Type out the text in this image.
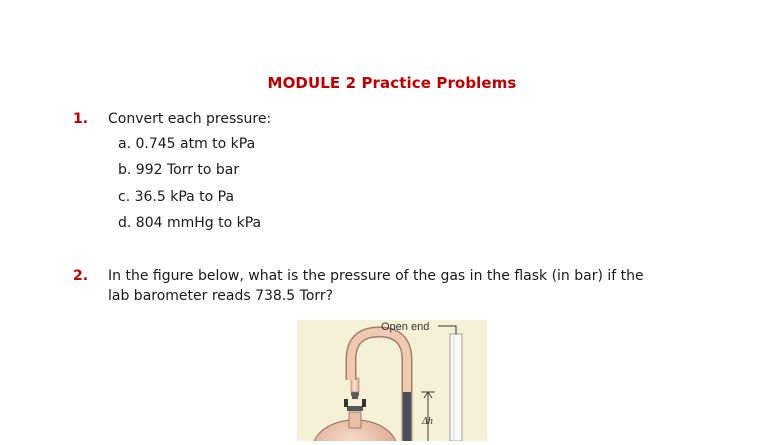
MODULE 2 Practice Problems
1. Convert each pressure:
a. 0.745 atm to kPa
b. 992 Torr to bar
c. 36.5 kPa to Pa
d. 804 mmHg to kPa
2. In the figure below, what is the pressure of the gas in the flask (in bar) if the
lab barometer reads 738.5 Torr?
Open end
Δh
